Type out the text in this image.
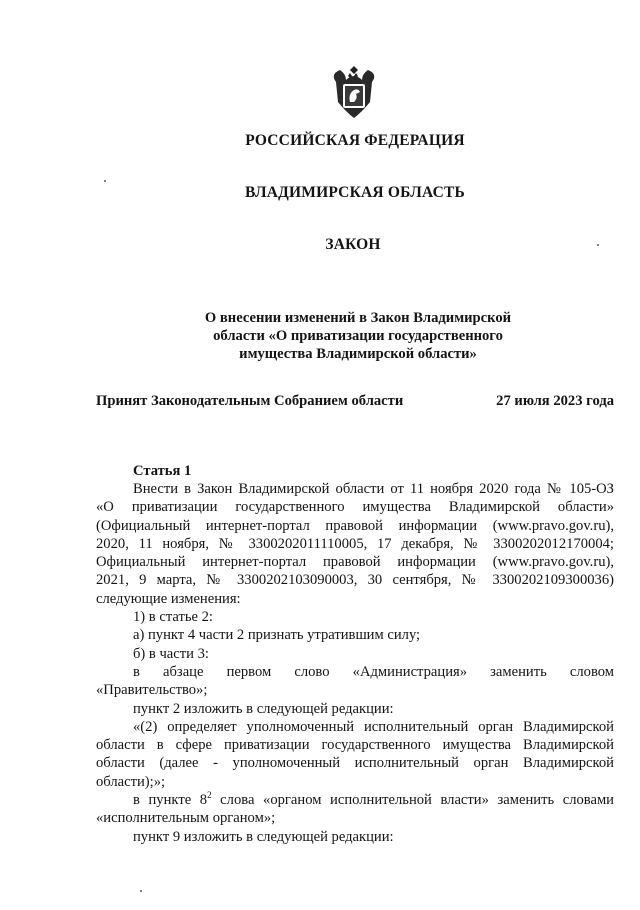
РОССИЙСКАЯ ФЕДЕРАЦИЯ
ВЛАДИМИРСКАЯ ОБЛАСТЬ
ЗАКОН
О внесении изменений в Закон Владимирской
области «О приватизации государственного
имущества Владимирской области»
Принят Законодательным Собранием области	27 июля 2023 года
Статья 1

Внести в Закон Владимирской области от 11 ноября 2020 года № 105-ОЗ

«О приватизации государственного имущества Владимирской области»

(Официальный интернет-портал правовой информации (www.pravo.gov.ru),

2020, 11 ноября, № 3300202011110005, 17 декабря, № 3300202012170004;

Официальный интернет-портал правовой информации (www.pravo.gov.ru),

2021, 9 марта, № 3300202103090003, 30 сентября, № 3300202109300036)

следующие изменения:

1) в статье 2:

а) пункт 4 части 2 признать утратившим силу;

б) в части 3:

в абзаце первом слово «Администрация» заменить словом

«Правительство»;

пункт 2 изложить в следующей редакции:

«(2) определяет уполномоченный исполнительный орган Владимирской

области в сфере приватизации государственного имущества Владимирской

области (далее - уполномоченный исполнительный орган Владимирской

области);»;

в пункте $8^2$ слова «органом исполнительной власти» заменить словами

«исполнительным органом»;

пункт 9 изложить в следующей редакции:
